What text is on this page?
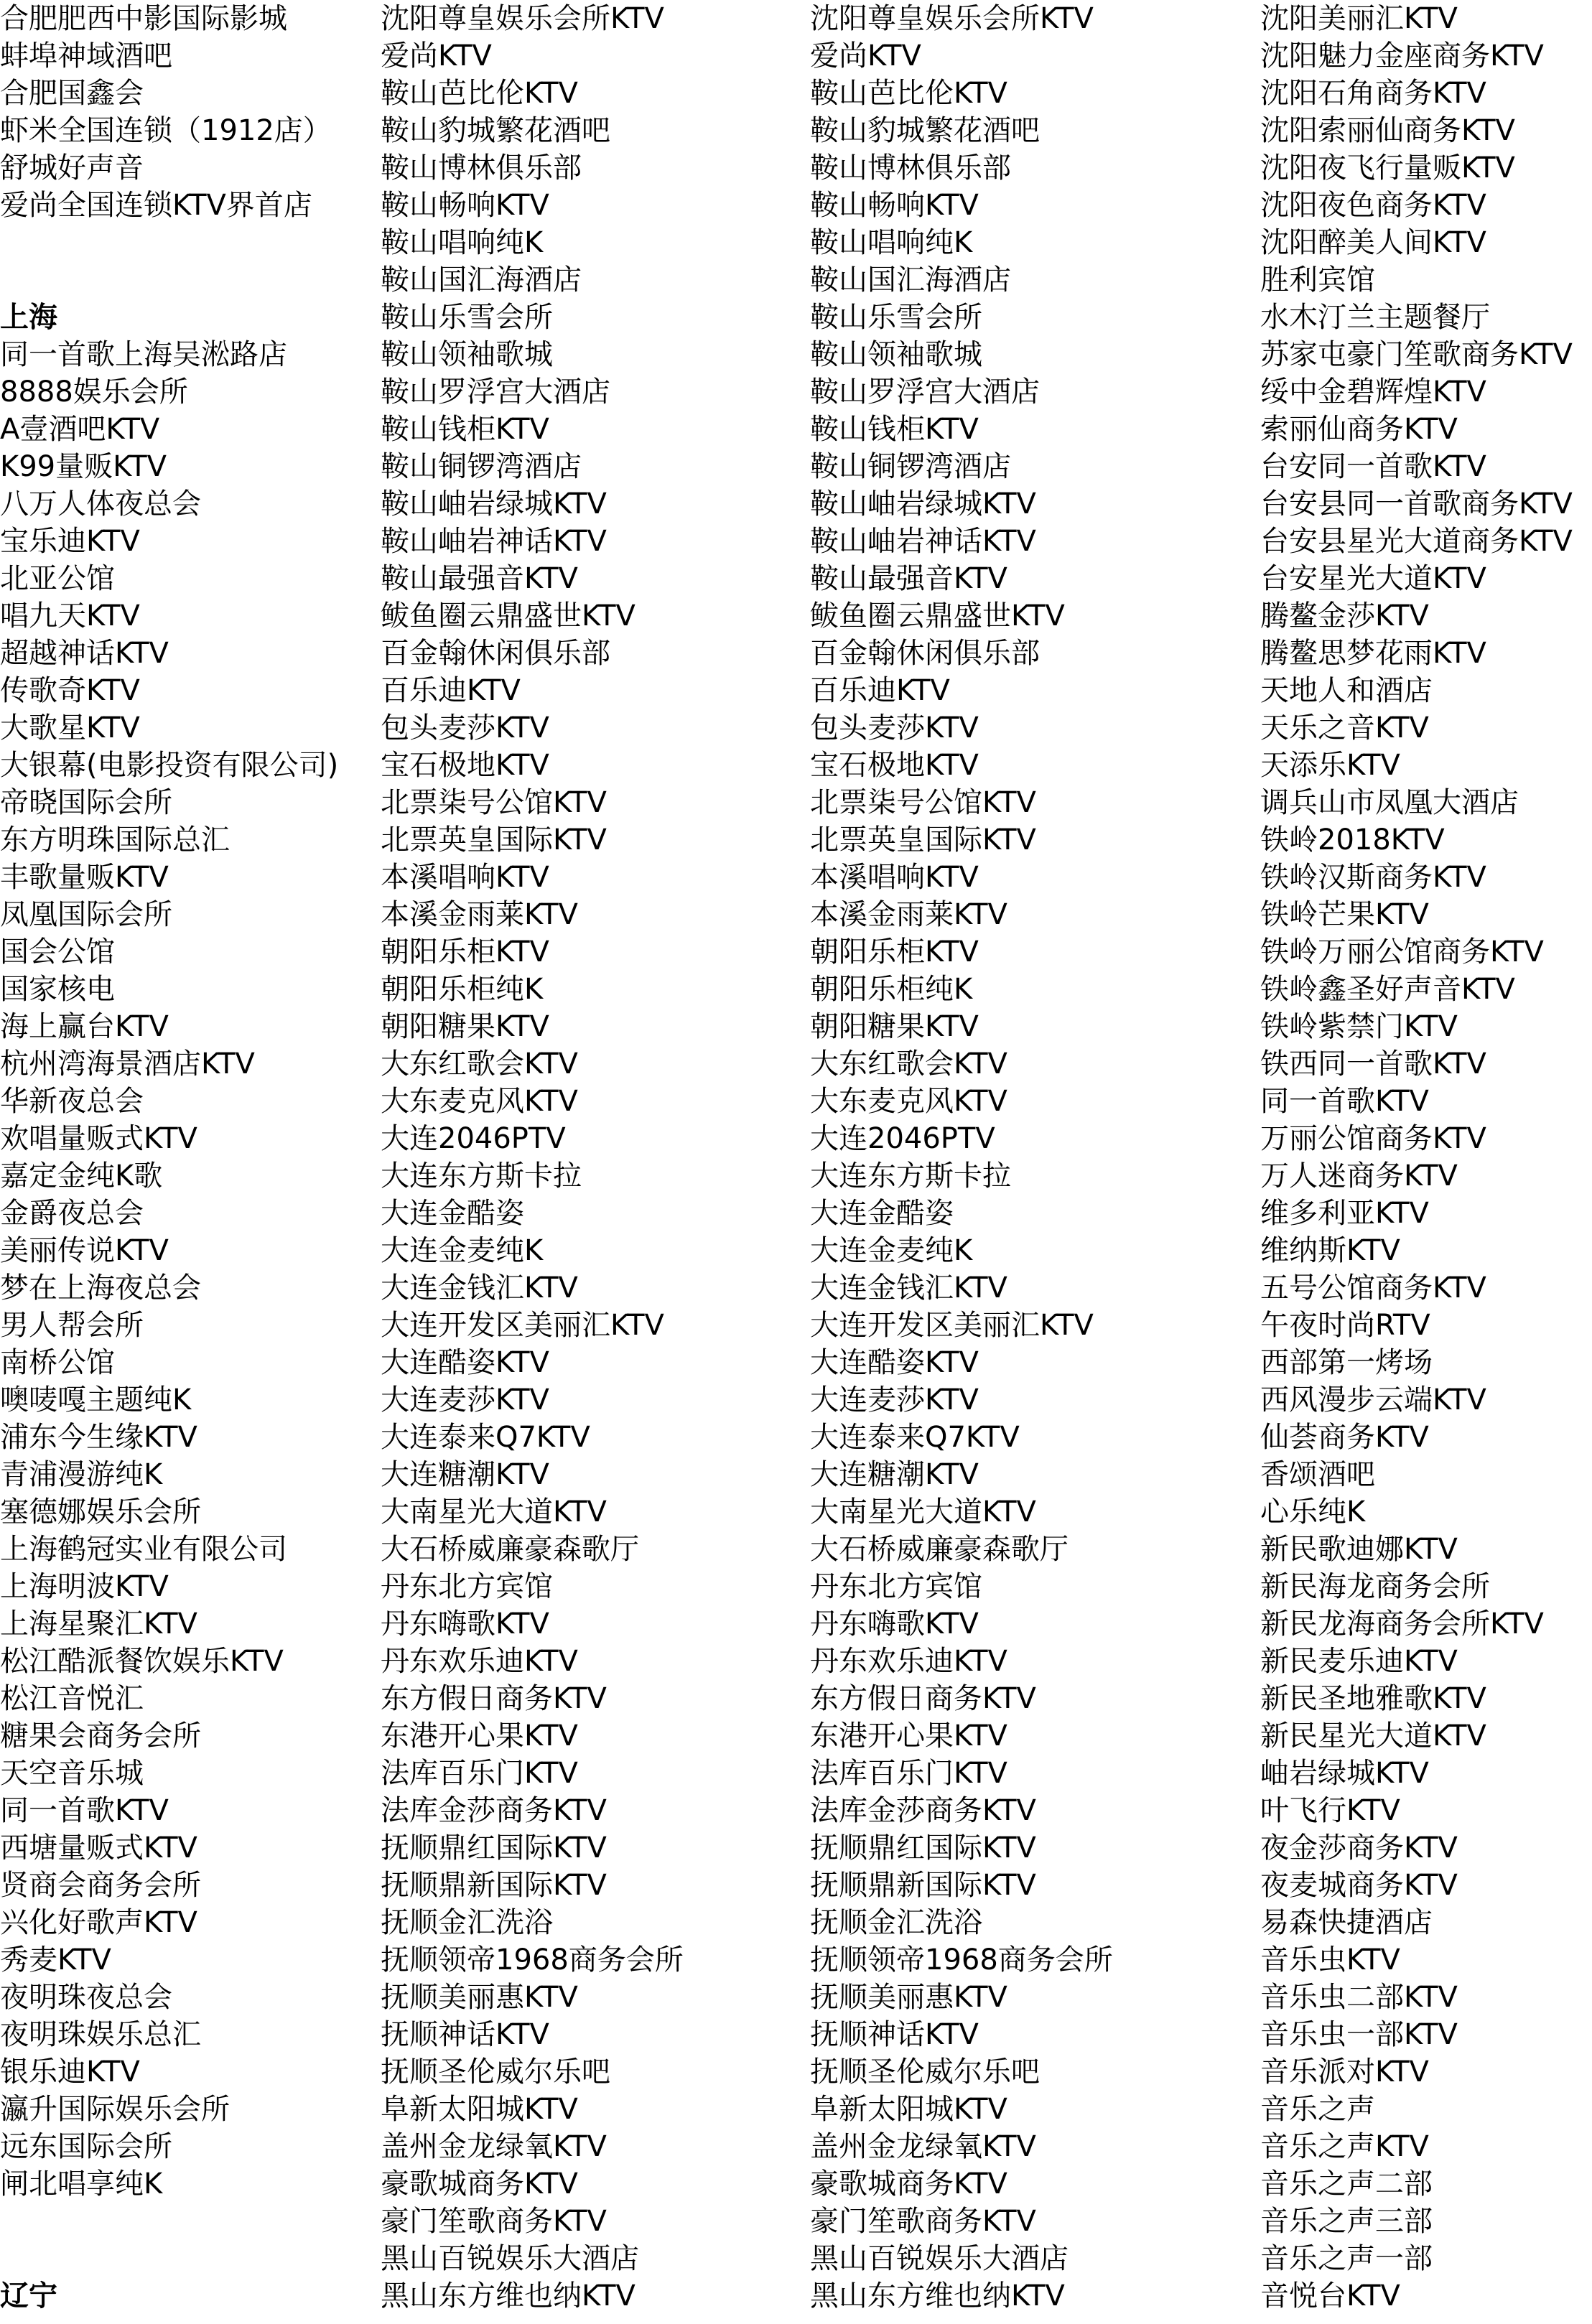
合肥肥西中影国际影城
蚌埠神域酒吧
合肥国鑫会
虾米全国连锁（1912店）
舒城好声音
爱尚全国连锁KTV界首店
上海
同一首歌上海吴淞路店
8888娱乐会所
A壹酒吧KTV
K99量贩KTV
八万人体夜总会
宝乐迪KTV
北亚公馆
唱九天KTV
超越神话KTV
传歌奇KTV
大歌星KTV
大银幕(电影投资有限公司)
帝晓国际会所
东方明珠国际总汇
丰歌量贩KTV
凤凰国际会所
国会公馆
国家核电
海上赢台KTV
杭州湾海景酒店KTV
华新夜总会
欢唱量贩式KTV
嘉定金纯K歌
金爵夜总会
美丽传说KTV
梦在上海夜总会
男人帮会所
南桥公馆
噢唛嘎主题纯K
浦东今生缘KTV
青浦漫游纯K
塞德娜娱乐会所
上海鹤冠实业有限公司
上海明波KTV
上海星聚汇KTV
松江酷派餐饮娱乐KTV
松江音悦汇
糖果会商务会所
天空音乐城
同一首歌KTV
西塘量贩式KTV
贤商会商务会所
兴化好歌声KTV
秀麦KTV
夜明珠夜总会
夜明珠娱乐总汇
银乐迪KTV
瀛升国际娱乐会所
远东国际会所
闸北唱享纯K
辽宁
沈阳尊皇娱乐会所KTV
爱尚KTV
鞍山芭比伦KTV
鞍山豹城繁花酒吧
鞍山博林俱乐部
鞍山畅响KTV
鞍山唱响纯K
鞍山国汇海酒店
鞍山乐雪会所
鞍山领袖歌城
鞍山罗浮宫大酒店
鞍山钱柜KTV
鞍山铜锣湾酒店
鞍山岫岩绿城KTV
鞍山岫岩神话KTV
鞍山最强音KTV
鲅鱼圈云鼎盛世KTV
百金翰休闲俱乐部
百乐迪KTV
包头麦莎KTV
宝石极地KTV
北票柒号公馆KTV
北票英皇国际KTV
本溪唱响KTV
本溪金雨莱KTV
朝阳乐柜KTV
朝阳乐柜纯K
朝阳糖果KTV
大东红歌会KTV
大东麦克风KTV
大连2046PTV
大连东方斯卡拉
大连金酷姿
大连金麦纯K
大连金钱汇KTV
大连开发区美丽汇KTV
大连酷姿KTV
大连麦莎KTV
大连泰来Q7KTV
大连糖潮KTV
大南星光大道KTV
大石桥威廉豪森歌厅
丹东北方宾馆
丹东嗨歌KTV
丹东欢乐迪KTV
东方假日商务KTV
东港开心果KTV
法库百乐门KTV
法库金莎商务KTV
抚顺鼎红国际KTV
抚顺鼎新国际KTV
抚顺金汇洗浴
抚顺领帝1968商务会所
抚顺美丽惠KTV
抚顺神话KTV
抚顺圣伦威尔乐吧
阜新太阳城KTV
盖州金龙绿氧KTV
豪歌城商务KTV
豪门笙歌商务KTV
黑山百锐娱乐大酒店
黑山东方维也纳KTV
沈阳尊皇娱乐会所KTV
爱尚KTV
鞍山芭比伦KTV
鞍山豹城繁花酒吧
鞍山博林俱乐部
鞍山畅响KTV
鞍山唱响纯K
鞍山国汇海酒店
鞍山乐雪会所
鞍山领袖歌城
鞍山罗浮宫大酒店
鞍山钱柜KTV
鞍山铜锣湾酒店
鞍山岫岩绿城KTV
鞍山岫岩神话KTV
鞍山最强音KTV
鲅鱼圈云鼎盛世KTV
百金翰休闲俱乐部
百乐迪KTV
包头麦莎KTV
宝石极地KTV
北票柒号公馆KTV
北票英皇国际KTV
本溪唱响KTV
本溪金雨莱KTV
朝阳乐柜KTV
朝阳乐柜纯K
朝阳糖果KTV
大东红歌会KTV
大东麦克风KTV
大连2046PTV
大连东方斯卡拉
大连金酷姿
大连金麦纯K
大连金钱汇KTV
大连开发区美丽汇KTV
大连酷姿KTV
大连麦莎KTV
大连泰来Q7KTV
大连糖潮KTV
大南星光大道KTV
大石桥威廉豪森歌厅
丹东北方宾馆
丹东嗨歌KTV
丹东欢乐迪KTV
东方假日商务KTV
东港开心果KTV
法库百乐门KTV
法库金莎商务KTV
抚顺鼎红国际KTV
抚顺鼎新国际KTV
抚顺金汇洗浴
抚顺领帝1968商务会所
抚顺美丽惠KTV
抚顺神话KTV
抚顺圣伦威尔乐吧
阜新太阳城KTV
盖州金龙绿氧KTV
豪歌城商务KTV
豪门笙歌商务KTV
黑山百锐娱乐大酒店
黑山东方维也纳KTV
沈阳美丽汇KTV
沈阳魅力金座商务KTV
沈阳石角商务KTV
沈阳索丽仙商务KTV
沈阳夜飞行量贩KTV
沈阳夜色商务KTV
沈阳醉美人间KTV
胜利宾馆
水木汀兰主题餐厅
苏家屯豪门笙歌商务KTV
绥中金碧辉煌KTV
索丽仙商务KTV
台安同一首歌KTV
台安县同一首歌商务KTV
台安县星光大道商务KTV
台安星光大道KTV
腾鳌金莎KTV
腾鳌思梦花雨KTV
天地人和酒店
天乐之音KTV
天添乐KTV
调兵山市凤凰大酒店
铁岭2018KTV
铁岭汉斯商务KTV
铁岭芒果KTV
铁岭万丽公馆商务KTV
铁岭鑫圣好声音KTV
铁岭紫禁门KTV
铁西同一首歌KTV
同一首歌KTV
万丽公馆商务KTV
万人迷商务KTV
维多利亚KTV
维纳斯KTV
五号公馆商务KTV
午夜时尚RTV
西部第一烤场
西风漫步云端KTV
仙荟商务KTV
香颂酒吧
心乐纯K
新民歌迪娜KTV
新民海龙商务会所
新民龙海商务会所KTV
新民麦乐迪KTV
新民圣地雅歌KTV
新民星光大道KTV
岫岩绿城KTV
叶飞行KTV
夜金莎商务KTV
夜麦城商务KTV
易森快捷酒店
音乐虫KTV
音乐虫二部KTV
音乐虫一部KTV
音乐派对KTV
音乐之声
音乐之声KTV
音乐之声二部
音乐之声三部
音乐之声一部
音悦台KTV
